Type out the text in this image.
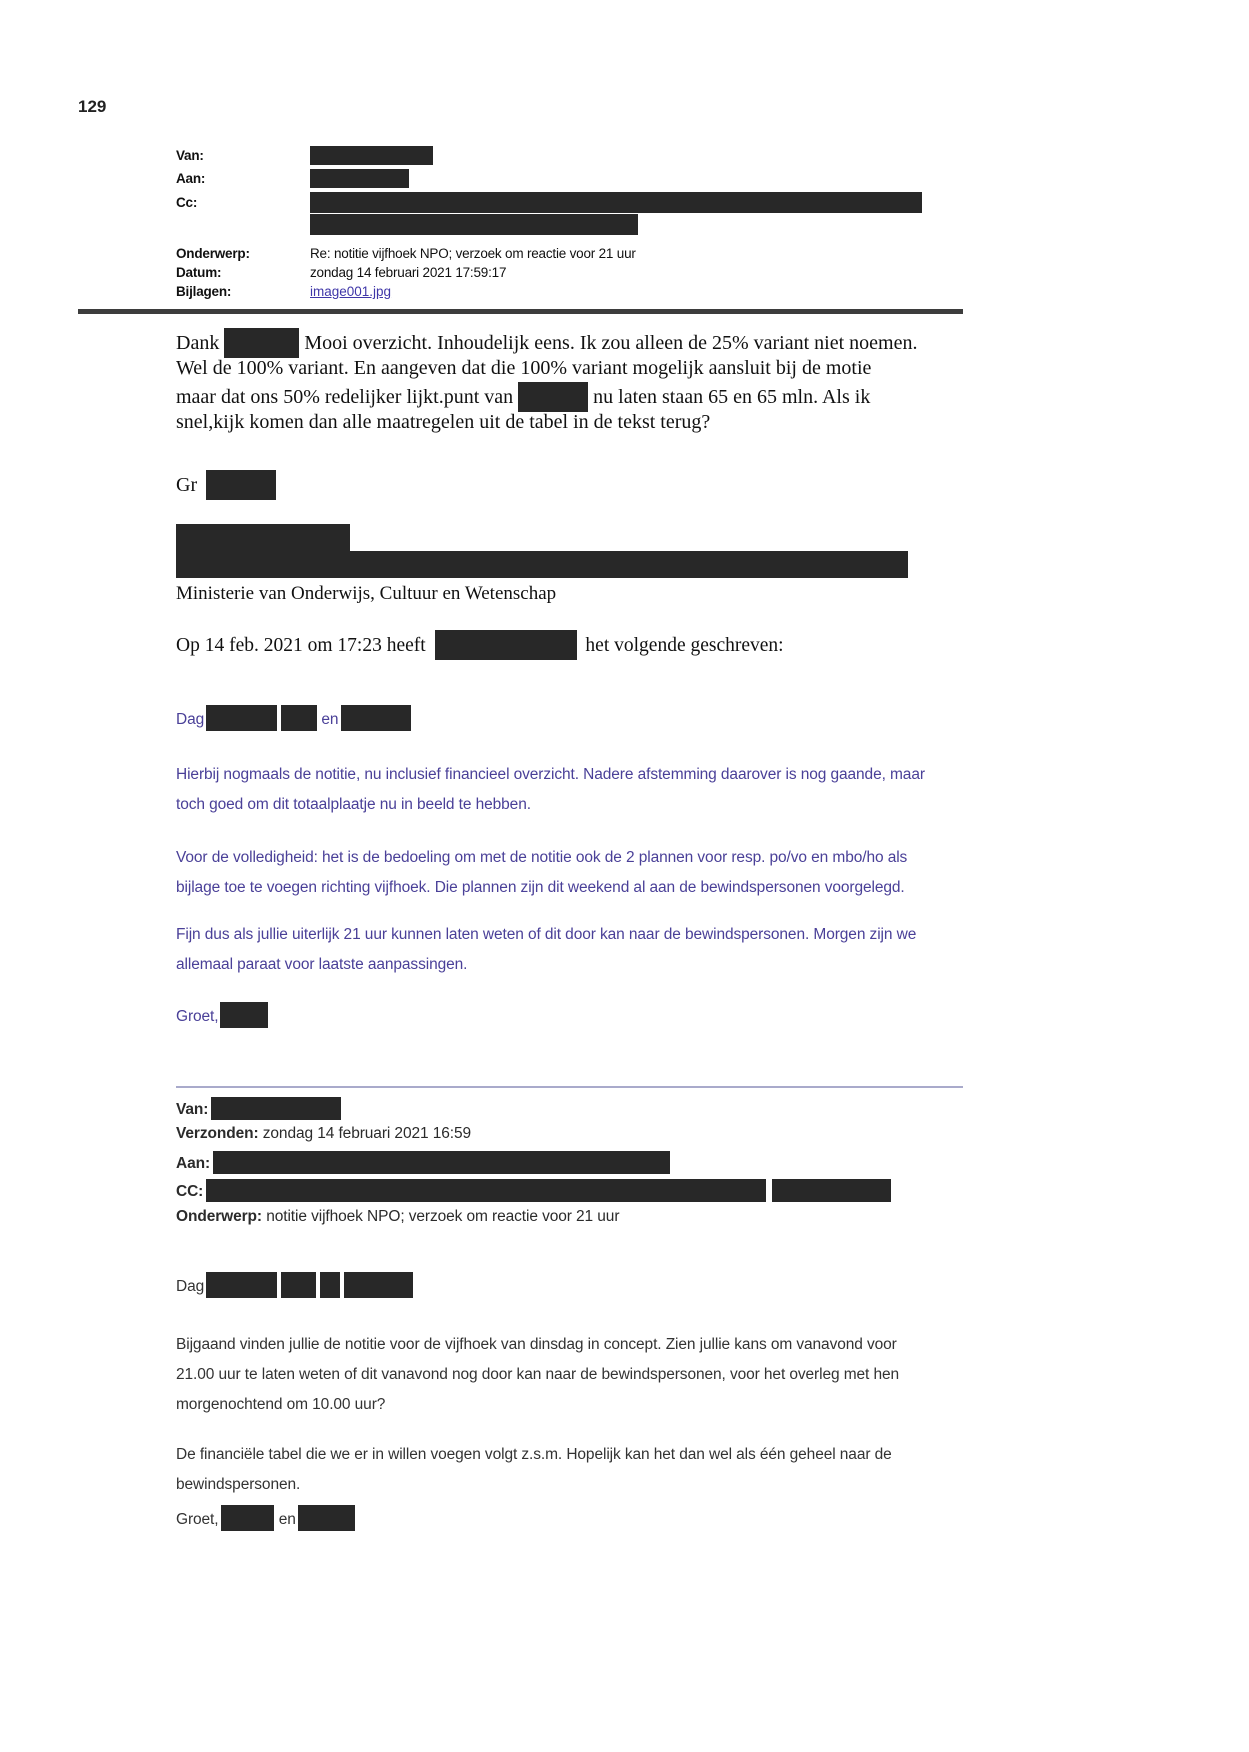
129
Van:
Aan:
Cc:
Onderwerp:	Re: notitie vijfhoek NPO; verzoek om reactie voor 21 uur
Datum:	zondag 14 februari 2021 17:59:17
Bijlagen:	image001.jpg
Dank	Mooi overzicht. Inhoudelijk eens. Ik zou alleen de 25% variant niet noemen.
Wel de 100% variant. En aangeven dat die 100% variant mogelijk aansluit bij de motie
maar dat ons 50% redelijker lijkt.punt van	nu laten staan 65 en 65 mln. Als ik
snel,kijk komen dan alle maatregelen uit de tabel in de tekst terug?
Gr
Ministerie van Onderwijs, Cultuur en Wetenschap
Op 14 feb. 2021 om 17:23 heeft	het volgende geschreven:
Dag	en
Hierbij nogmaals de notitie, nu inclusief financieel overzicht. Nadere afstemming daarover is nog gaande, maar
toch goed om dit totaalplaatje nu in beeld te hebben.
Voor de volledigheid: het is de bedoeling om met de notitie ook de 2 plannen voor resp. po/vo en mbo/ho als
bijlage toe te voegen richting vijfhoek. Die plannen zijn dit weekend al aan de bewindspersonen voorgelegd.
Fijn dus als jullie uiterlijk 21 uur kunnen laten weten of dit door kan naar de bewindspersonen. Morgen zijn we
allemaal paraat voor laatste aanpassingen.
Groet,
Van:
Verzonden: zondag 14 februari 2021 16:59
Aan:
CC:
Onderwerp: notitie vijfhoek NPO; verzoek om reactie voor 21 uur
Dag
Bijgaand vinden jullie de notitie voor de vijfhoek van dinsdag in concept. Zien jullie kans om vanavond voor
21.00 uur te laten weten of dit vanavond nog door kan naar de bewindspersonen, voor het overleg met hen
morgenochtend om 10.00 uur?
De financiële tabel die we er in willen voegen volgt z.s.m. Hopelijk kan het dan wel als één geheel naar de
bewindspersonen.
Groet,	en
